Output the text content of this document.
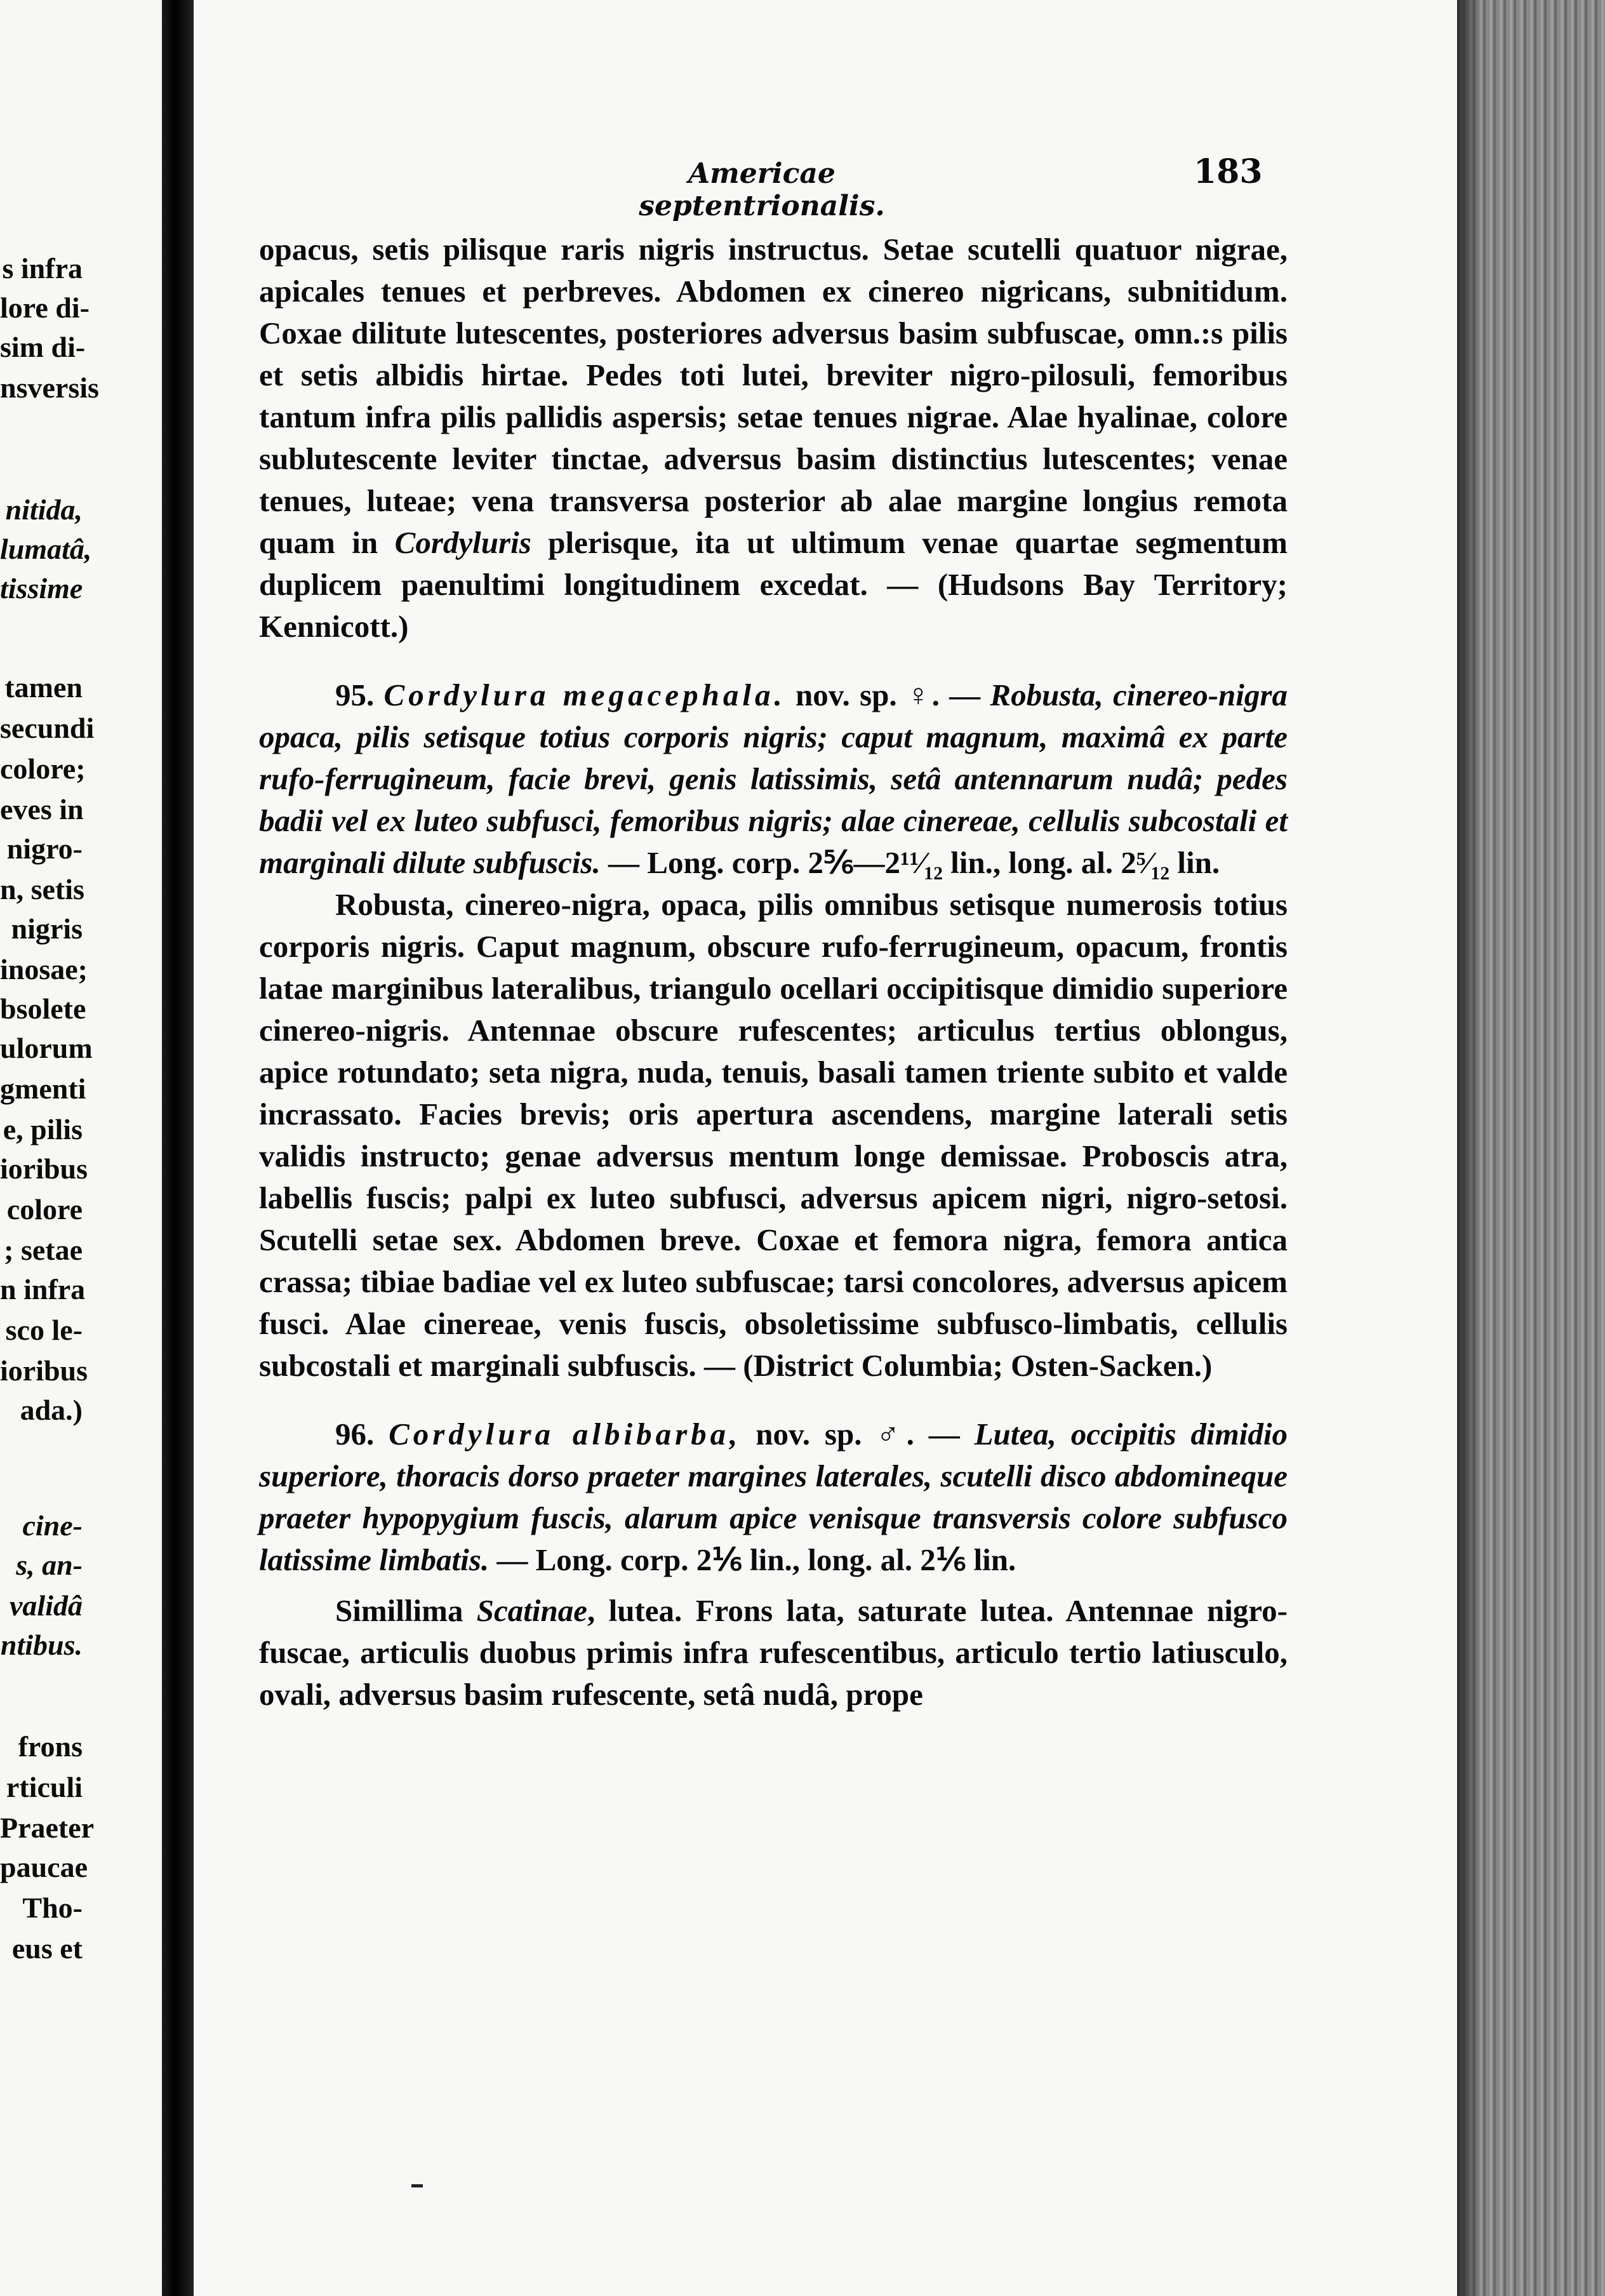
s infra
lore di-
sim di-
nsversis
nitida,
lumatâ,
tissime
tamen
secundi
colore;
eves in
nigro-
n, setis
nigris
inosae;
bsolete
ulorum
gmenti
e, pilis
ioribus
colore
; setae
n infra
sco le-
ioribus
ada.)
cine-
s, an-
validâ
ntibus.
frons
rticuli
Praeter
paucae
Tho-
eus et
Americae septentrionalis.
183

opacus, setis pilisque raris nigris instructus. Setae scutelli quatuor nigrae, apicales tenues et perbreves. Abdomen ex cinereo nigricans, subnitidum. Coxae dilitute lutescentes, posteriores adversus basim subfuscae, omn.:s pilis et setis albidis hirtae. Pedes toti lutei, breviter nigro-pilosuli, femoribus tantum infra pilis pallidis aspersis; setae tenues nigrae. Alae hyalinae, colore sublutescente leviter tinctae, adversus basim distinctius lutescentes; venae tenues, luteae; vena transversa posterior ab alae margine longius remota quam in Cordyluris plerisque, ita ut ultimum venae quartae segmentum duplicem paenultimi longitudinem excedat. — (Hudsons Bay Territory; Kennicott.)

95. Cordylura megacephala. nov. sp. ♀. — Robusta, cinereo-nigra opaca, pilis setisque totius corporis nigris; caput magnum, maximâ ex parte rufo-ferrugineum, facie brevi, genis latissimis, setâ antennarum nudâ; pedes badii vel ex luteo subfusci, femoribus nigris; alae cinereae, cellulis subcostali et marginali dilute subfuscis. — Long. corp. 2⅚—2¹¹⁄₁₂ lin., long. al. 2⁵⁄₁₂ lin.

Robusta, cinereo-nigra, opaca, pilis omnibus setisque numerosis totius corporis nigris. Caput magnum, obscure rufo-ferrugineum, opacum, frontis latae marginibus lateralibus, triangulo ocellari occipitisque dimidio superiore cinereo-nigris. Antennae obscure rufescentes; articulus tertius oblongus, apice rotundato; seta nigra, nuda, tenuis, basali tamen triente subito et valde incrassato. Facies brevis; oris apertura ascendens, margine laterali setis validis instructo; genae adversus mentum longe demissae. Proboscis atra, labellis fuscis; palpi ex luteo subfusci, adversus apicem nigri, nigro-setosi. Scutelli setae sex. Abdomen breve. Coxae et femora nigra, femora antica crassa; tibiae badiae vel ex luteo subfuscae; tarsi concolores, adversus apicem fusci. Alae cinereae, venis fuscis, obsoletissime subfusco-limbatis, cellulis subcostali et marginali subfuscis. — (District Columbia; Osten-Sacken.)

96. Cordylura albibarba, nov. sp. ♂. — Lutea, occipitis dimidio superiore, thoracis dorso praeter margines laterales, scutelli disco abdomineque praeter hypopygium fuscis, alarum apice venisque transversis colore subfusco latissime limbatis. — Long. corp. 2⅙ lin., long. al. 2⅙ lin.

Simillima Scatinae, lutea. Frons lata, saturate lutea. Antennae nigro-fuscae, articulis duobus primis infra rufescentibus, articulo tertio latiusculo, ovali, adversus basim rufescente, setâ nudâ, prope
